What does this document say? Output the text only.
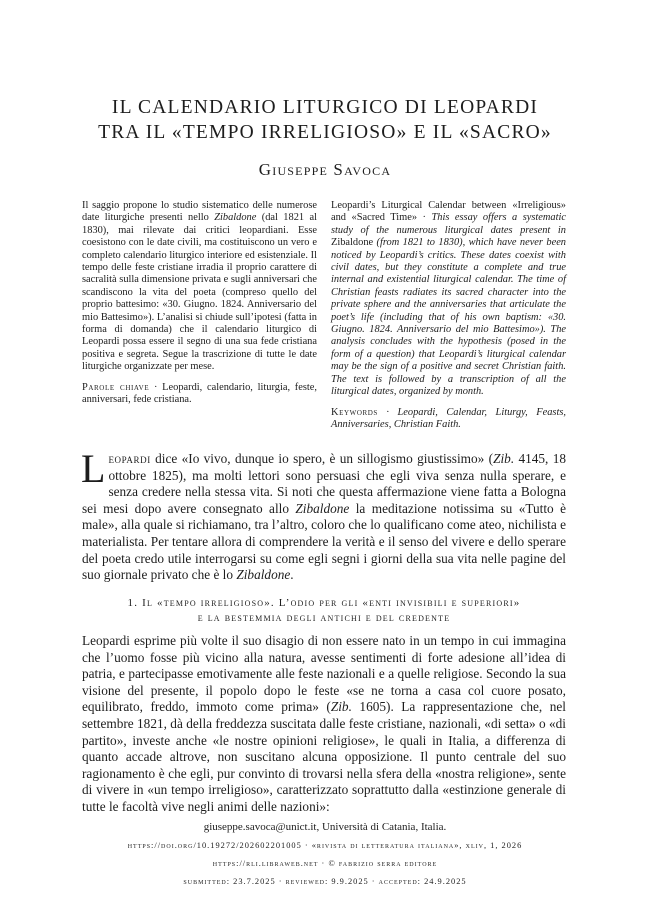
IL CALENDARIO LITURGICO DI LEOPARDI
TRA IL «TEMPO IRRELIGIOSO» E IL «SACRO»
Giuseppe Savoca

Il saggio propone lo studio sistematico delle numerose date liturgiche presenti nello Zibaldone (dal 1821 al 1830), mai rilevate dai critici leopardiani. Esse coesistono con le date civili, ma costituiscono un vero e completo calendario liturgico interiore ed esistenziale. Il tempo delle feste cristiane irradia il proprio carattere di sacralità sulla dimensione privata e sugli anniversari che scandiscono la vita del poeta (compreso quello del proprio battesimo: «30. Giugno. 1824. Anniversario del mio Battesimo»). L’analisi si chiude sull’ipotesi (fatta in forma di domanda) che il calendario liturgico di Leopardi possa essere il segno di una sua fede cristiana positiva e segreta. Segue la trascrizione di tutte le date liturgiche organizzate per mese.

Parole chiave · Leopardi, calendario, liturgia, feste, anniversari, fede cristiana.

Leopardi’s Liturgical Calendar between «Irreligious» and «Sacred Time» · This essay offers a systematic study of the numerous liturgical dates present in Zibaldone (from 1821 to 1830), which have never been noticed by Leopardi’s critics. These dates coexist with civil dates, but they constitute a complete and true internal and existential liturgical calendar. The time of Christian feasts radiates its sacred character into the private sphere and the anniversaries that articulate the poet’s life (including that of his own baptism: «30. Giugno. 1824. Anniversario del mio Battesimo»). The analysis concludes with the hypothesis (posed in the form of a question) that Leopardi’s liturgical calendar may be the sign of a positive and secret Christian faith. The text is followed by a transcription of all the liturgical dates, organized by month.

Keywords · Leopardi, Calendar, Liturgy, Feasts, Anniversaries, Christian Faith.

Leopardi dice «Io vivo, dunque io spero, è un sillogismo giustissimo» (Zib. 4145, 18 ottobre 1825), ma molti lettori sono persuasi che egli viva senza nulla sperare, e senza credere nella stessa vita. Si noti che questa affermazione viene fatta a Bologna sei mesi dopo avere consegnato allo Zibaldone la meditazione notissima su «Tutto è male», alla quale si richiamano, tra l’altro, coloro che lo qualificano come ateo, nichilista e materialista. Per tentare allora di comprendere la verità e il senso del vivere e dello sperare del poeta credo utile interrogarsi su come egli segni i giorni della sua vita nelle pagine del suo giornale privato che è lo Zibaldone.

1. Il «tempo irreligioso». L’odio per gli «enti invisibili e superiori»
e la bestemmia degli antichi e del credente

Leopardi esprime più volte il suo disagio di non essere nato in un tempo in cui immagina che l’uomo fosse più vicino alla natura, avesse sentimenti di forte adesione all’idea di patria, e partecipasse emotivamente alle feste nazionali e a quelle religiose. Secondo la sua visione del presente, il popolo dopo le feste «se ne torna a casa col cuore posato, equilibrato, freddo, immoto come prima» (Zib. 1605). La rappresentazione che, nel settembre 1821, dà della freddezza suscitata dalle feste cristiane, nazionali, «di setta» o «di partito», investe anche «le nostre opinioni religiose», le quali in Italia, a differenza di quanto accade altrove, non suscitano alcuna opposizione. Il punto centrale del suo ragionamento è che egli, pur convinto di trovarsi nella sfera della «nostra religione», sente di vivere in «un tempo irreligioso», caratterizzato soprattutto dalla «estinzione generale di tutte le facoltà vive negli animi delle nazioni»:

giuseppe.savoca@unict.it, Università di Catania, Italia.
https://doi.org/10.19272/202602201005 · «rivista di letteratura italiana», xliv, 1, 2026
https://rli.libraweb.net · © fabrizio serra editore
submitted: 23.7.2025 · reviewed: 9.9.2025 · accepted: 24.9.2025
